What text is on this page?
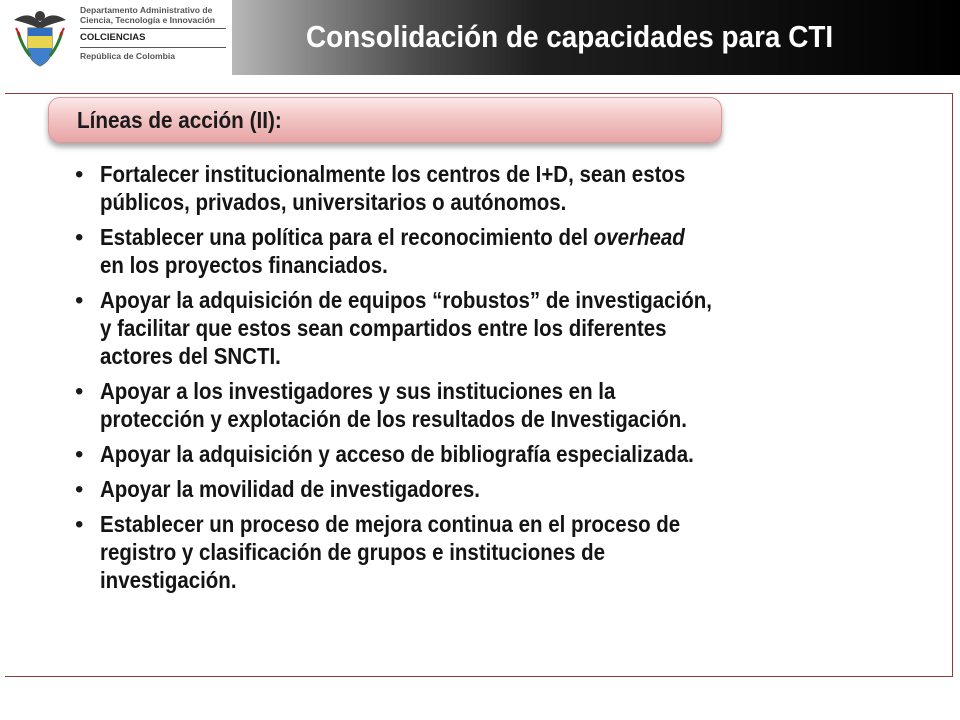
Departamento Administrativo de
Ciencia, Tecnología e Innovación
COLCIENCIAS
República de Colombia
Consolidación de capacidades para CTI
Líneas de acción (II):
• Fortalecer institucionalmente los centros de I+D, sean estos
públicos, privados, universitarios o autónomos.
• Establecer una política para el reconocimiento del overhead
en los proyectos financiados.
• Apoyar la adquisición de equipos “robustos” de investigación,
y facilitar que estos sean compartidos entre los diferentes
actores del SNCTI.
• Apoyar a los investigadores y sus instituciones en la
protección y explotación de los resultados de Investigación.
• Apoyar la adquisición y acceso de bibliografía especializada.
• Apoyar la movilidad de investigadores.
• Establecer un proceso de mejora continua en el proceso de
registro y clasificación de grupos e instituciones de
investigación.
